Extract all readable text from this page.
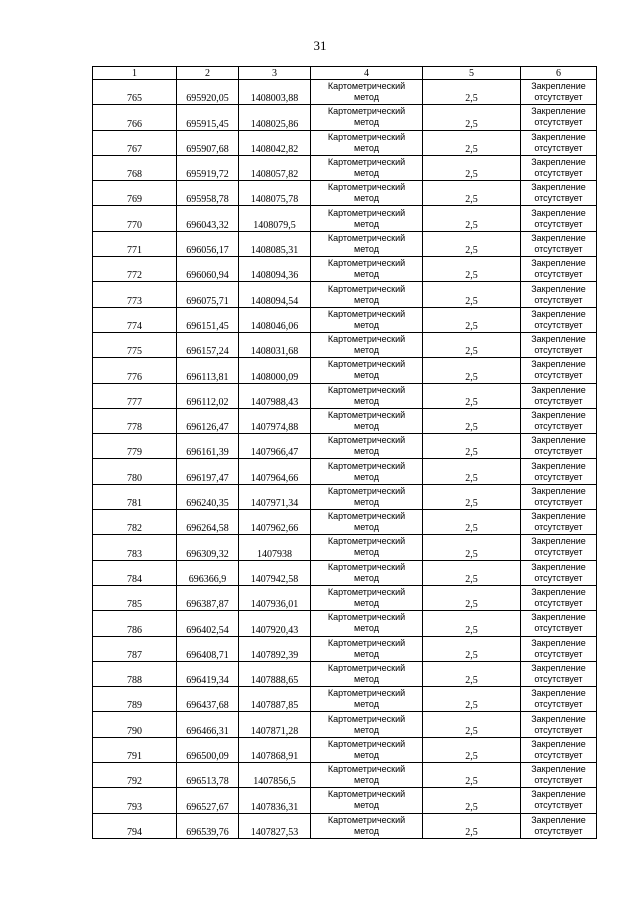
31
1	2	3	4	5	6
765	695920,05	1408003,88	Картометрический
метод	2,5	Закрепление
отсутствует

766	695915,45	1408025,86	Картометрический
метод	2,5	Закрепление
отсутствует

767	695907,68	1408042,82	Картометрический
метод	2,5	Закрепление
отсутствует

768	695919,72	1408057,82	Картометрический
метод	2,5	Закрепление
отсутствует

769	695958,78	1408075,78	Картометрический
метод	2,5	Закрепление
отсутствует

770	696043,32	1408079,5	Картометрический
метод	2,5	Закрепление
отсутствует

771	696056,17	1408085,31	Картометрический
метод	2,5	Закрепление
отсутствует

772	696060,94	1408094,36	Картометрический
метод	2,5	Закрепление
отсутствует

773	696075,71	1408094,54	Картометрический
метод	2,5	Закрепление
отсутствует

774	696151,45	1408046,06	Картометрический
метод	2,5	Закрепление
отсутствует

775	696157,24	1408031,68	Картометрический
метод	2,5	Закрепление
отсутствует

776	696113,81	1408000,09	Картометрический
метод	2,5	Закрепление
отсутствует

777	696112,02	1407988,43	Картометрический
метод	2,5	Закрепление
отсутствует

778	696126,47	1407974,88	Картометрический
метод	2,5	Закрепление
отсутствует

779	696161,39	1407966,47	Картометрический
метод	2,5	Закрепление
отсутствует

780	696197,47	1407964,66	Картометрический
метод	2,5	Закрепление
отсутствует

781	696240,35	1407971,34	Картометрический
метод	2,5	Закрепление
отсутствует

782	696264,58	1407962,66	Картометрический
метод	2,5	Закрепление
отсутствует

783	696309,32	1407938	Картометрический
метод	2,5	Закрепление
отсутствует

784	696366,9	1407942,58	Картометрический
метод	2,5	Закрепление
отсутствует

785	696387,87	1407936,01	Картометрический
метод	2,5	Закрепление
отсутствует

786	696402,54	1407920,43	Картометрический
метод	2,5	Закрепление
отсутствует

787	696408,71	1407892,39	Картометрический
метод	2,5	Закрепление
отсутствует

788	696419,34	1407888,65	Картометрический
метод	2,5	Закрепление
отсутствует

789	696437,68	1407887,85	Картометрический
метод	2,5	Закрепление
отсутствует

790	696466,31	1407871,28	Картометрический
метод	2,5	Закрепление
отсутствует

791	696500,09	1407868,91	Картометрический
метод	2,5	Закрепление
отсутствует

792	696513,78	1407856,5	Картометрический
метод	2,5	Закрепление
отсутствует

793	696527,67	1407836,31	Картометрический
метод	2,5	Закрепление
отсутствует

794	696539,76	1407827,53	Картометрический
метод	2,5	Закрепление
отсутствует
